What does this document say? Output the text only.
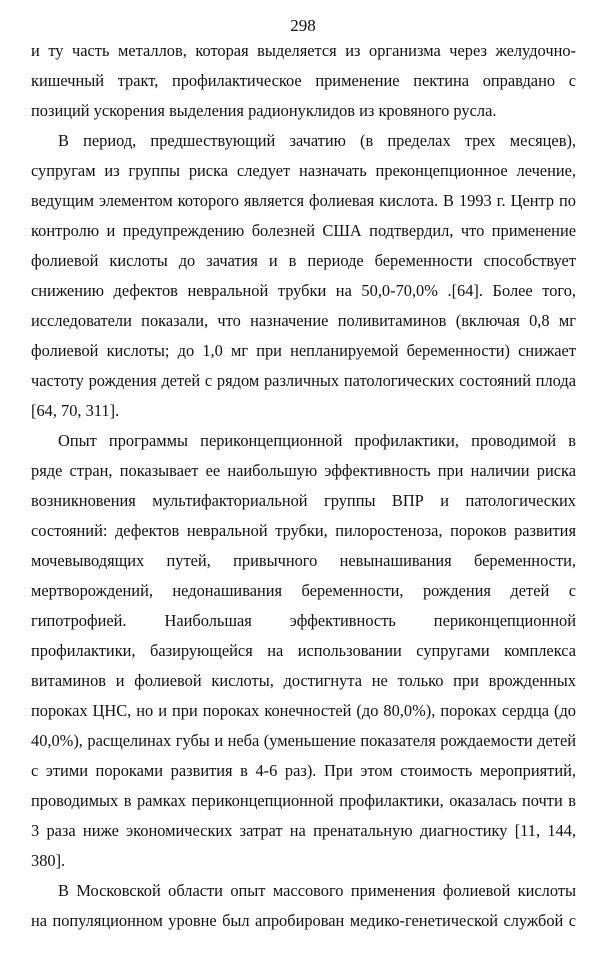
298
и ту часть металлов, которая выделяется из организма через желудочно-
кишечный тракт, профилактическое применение пектина оправдано с
позиций ускорения выделения радионуклидов из кровяного русла.
В период, предшествующий зачатию (в пределах трех месяцев),
супругам из группы риска следует назначать преконцепционное лечение,
ведущим элементом которого является фолиевая кислота. В 1993 г. Центр по
контролю и предупреждению болезней США подтвердил, что применение
фолиевой кислоты до зачатия и в периоде беременности способствует
снижению дефектов невральной трубки на 50,0-70,0% .[64]. Более того,
исследователи показали, что назначение поливитаминов (включая 0,8 мг
фолиевой кислоты; до 1,0 мг при непланируемой беременности) снижает
частоту рождения детей с рядом различных патологических состояний плода
[64, 70, 311].
Опыт программы периконцепционной профилактики, проводимой в
ряде стран, показывает ее наибольшую эффективность при наличии риска
возникновения мультифакториальной группы ВПР и патологических
состояний: дефектов невральной трубки, пилоростеноза, пороков развития
мочевыводящих путей, привычного невынашивания беременности,
мертворождений, недонашивания беременности, рождения детей с
гипотрофией. Наибольшая эффективность периконцепционной
профилактики, базирующейся на использовании супругами комплекса
витаминов и фолиевой кислоты, достигнута не только при врожденных
пороках ЦНС, но и при пороках конечностей (до 80,0%), пороках сердца (до
40,0%), расщелинах губы и неба (уменьшение показателя рождаемости детей
с этими пороками развития в 4-6 раз). При этом стоимость мероприятий,
проводимых в рамках периконцепционной профилактики, оказалась почти в
3 раза ниже экономических затрат на пренатальную диагностику [11, 144,
380].
В Московской области опыт массового применения фолиевой кислоты
на популяционном уровне был апробирован медико-генетической службой с
